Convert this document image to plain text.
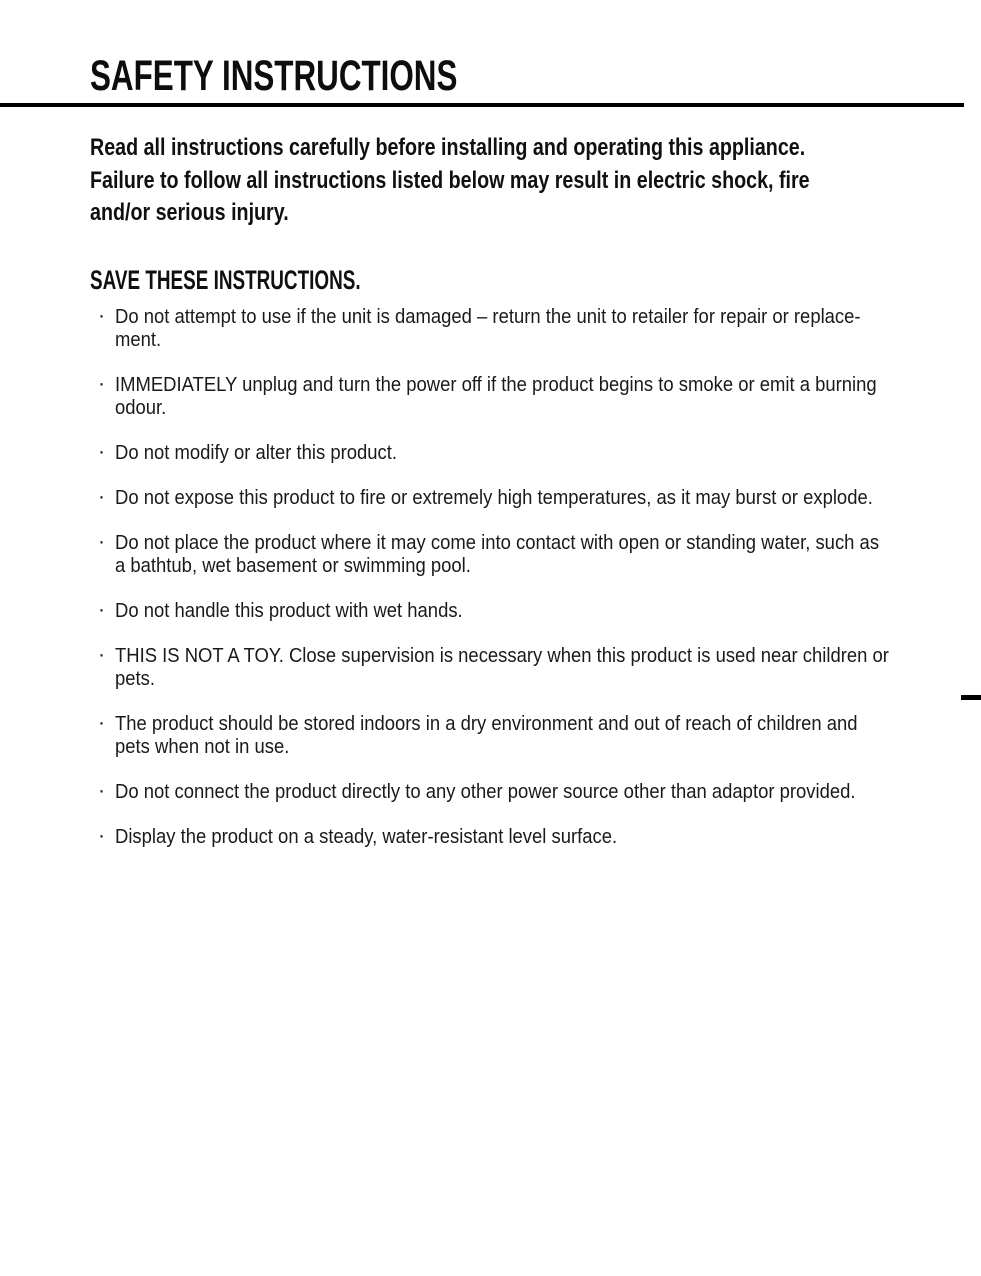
SAFETY INSTRUCTIONS
Read all instructions carefully before installing and operating this appliance.
Failure to follow all instructions listed below may result in electric shock, fire
and/or serious injury.
SAVE THESE INSTRUCTIONS.
· Do not attempt to use if the unit is damaged – return the unit to retailer for repair or replace-
ment.
· IMMEDIATELY unplug and turn the power off if the product begins to smoke or emit a burning
odour.
· Do not modify or alter this product.
· Do not expose this product to fire or extremely high temperatures, as it may burst or explode.
· Do not place the product where it may come into contact with open or standing water, such as
a bathtub, wet basement or swimming pool.
· Do not handle this product with wet hands.
· THIS IS NOT A TOY. Close supervision is necessary when this product is used near children or
pets.
· The product should be stored indoors in a dry environment and out of reach of children and
pets when not in use.
· Do not connect the product directly to any other power source other than adaptor provided.
· Display the product on a steady, water-resistant level surface.
